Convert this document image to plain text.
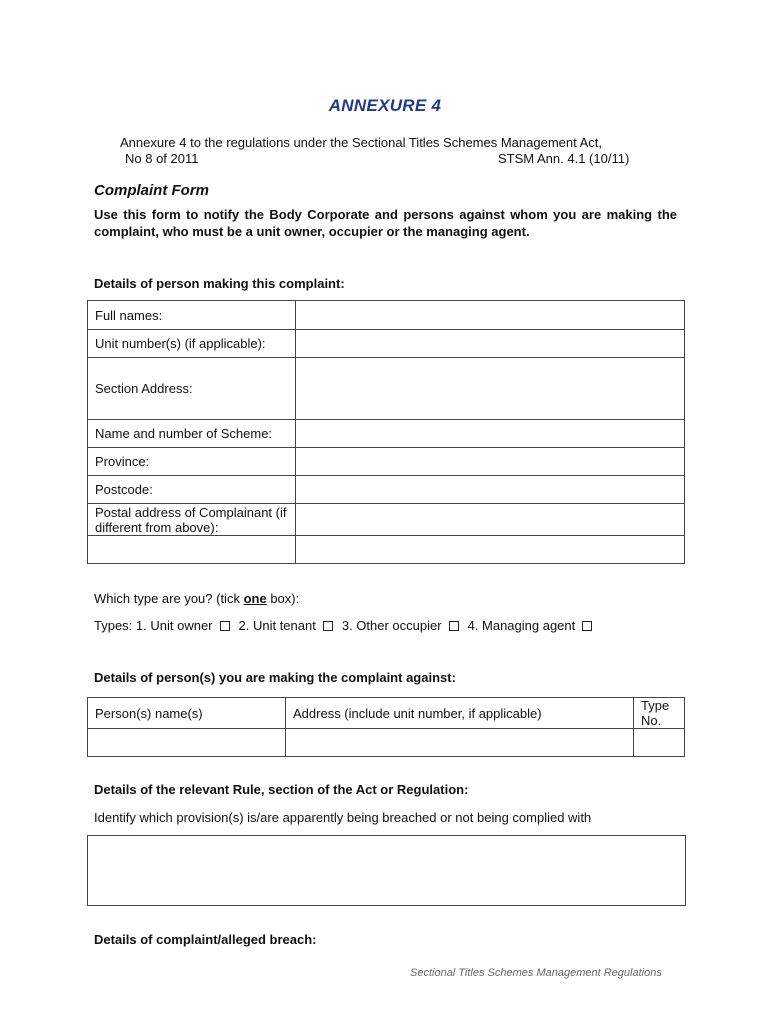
ANNEXURE 4
Annexure 4 to the regulations under the Sectional Titles Schemes Management Act,
No 8 of 2011	STSM Ann. 4.1 (10/11)
Complaint Form
Use this form to notify the Body Corporate and persons against whom you are making the complaint, who must be a unit owner, occupier or the managing agent.
Details of person making this complaint:
Full names:	
Unit number(s) (if applicable):	
Section Address:	
Name and number of Scheme:	
Province:	
Postcode:	
Postal address of Complainant (if different from above):	

Which type are you? (tick one box):
Types: 1. Unit owner 2. Unit tenant 3. Other occupier 4. Managing agent
Details of person(s) you are making the complaint against:
Person(s) name(s)	Address (include unit number, if applicable)	Type No.

Details of the relevant Rule, section of the Act or Regulation:
Identify which provision(s) is/are apparently being breached or not being complied with
Details of complaint/alleged breach:
Sectional Titles Schemes Management Regulations
